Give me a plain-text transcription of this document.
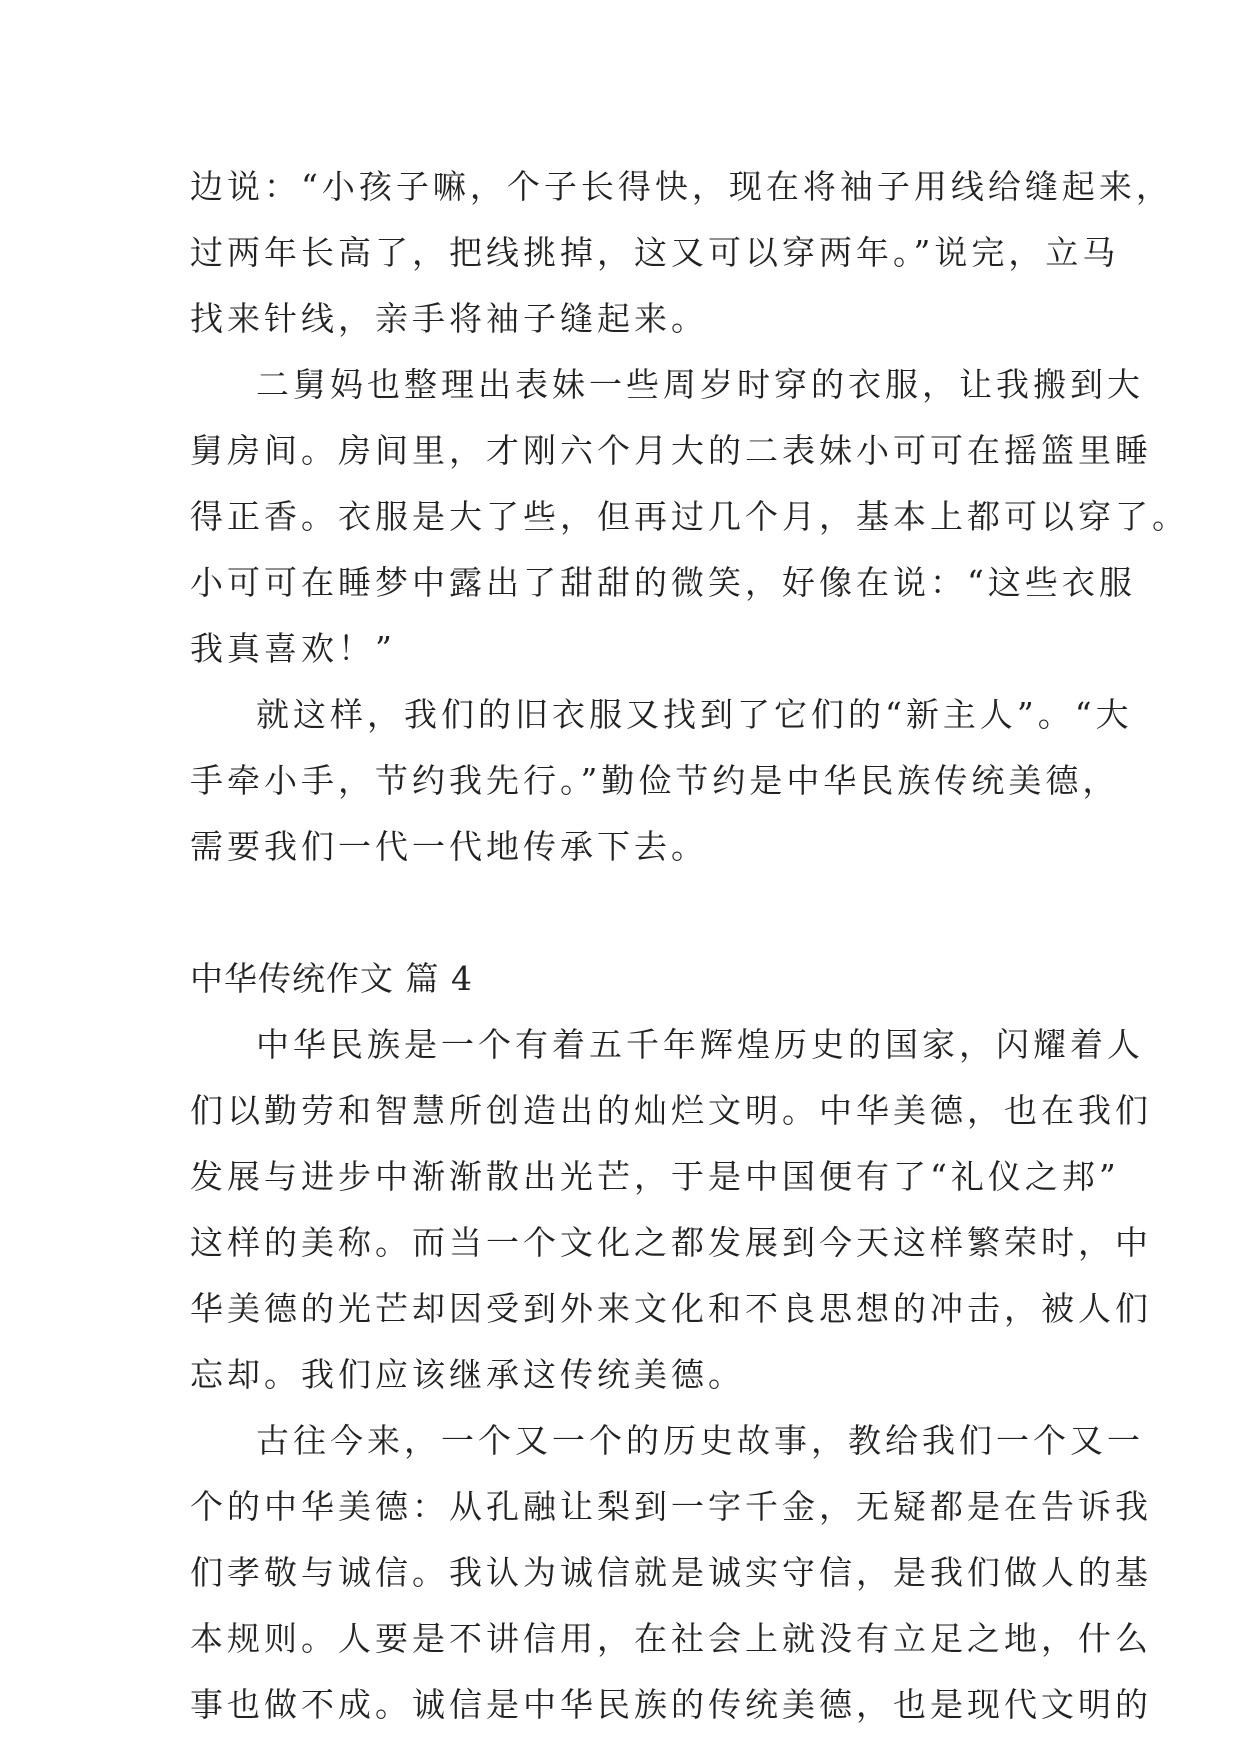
边说：“小孩子嘛，个子长得快，现在将袖子用线给缝起来，
过两年长高了，把线挑掉，这又可以穿两年。”说完，立马
找来针线，亲手将袖子缝起来。
二舅妈也整理出表妹一些周岁时穿的衣服，让我搬到大
舅房间。房间里，才刚六个月大的二表妹小可可在摇篮里睡
得正香。衣服是大了些，但再过几个月，基本上都可以穿了。
小可可在睡梦中露出了甜甜的微笑，好像在说：“这些衣服
我真喜欢！”
就这样，我们的旧衣服又找到了它们的“新主人”。“大
手牵小手，节约我先行。”勤俭节约是中华民族传统美德，
需要我们一代一代地传承下去。
中华传统作文 篇 4
中华民族是一个有着五千年辉煌历史的国家，闪耀着人
们以勤劳和智慧所创造出的灿烂文明。中华美德，也在我们
发展与进步中渐渐散出光芒，于是中国便有了“礼仪之邦”
这样的美称。而当一个文化之都发展到今天这样繁荣时，中
华美德的光芒却因受到外来文化和不良思想的冲击，被人们
忘却。我们应该继承这传统美德。
古往今来，一个又一个的历史故事，教给我们一个又一
个的中华美德：从孔融让梨到一字千金，无疑都是在告诉我
们孝敬与诚信。我认为诚信就是诚实守信，是我们做人的基
本规则。人要是不讲信用，在社会上就没有立足之地，什么
事也做不成。诚信是中华民族的传统美德，也是现代文明的
